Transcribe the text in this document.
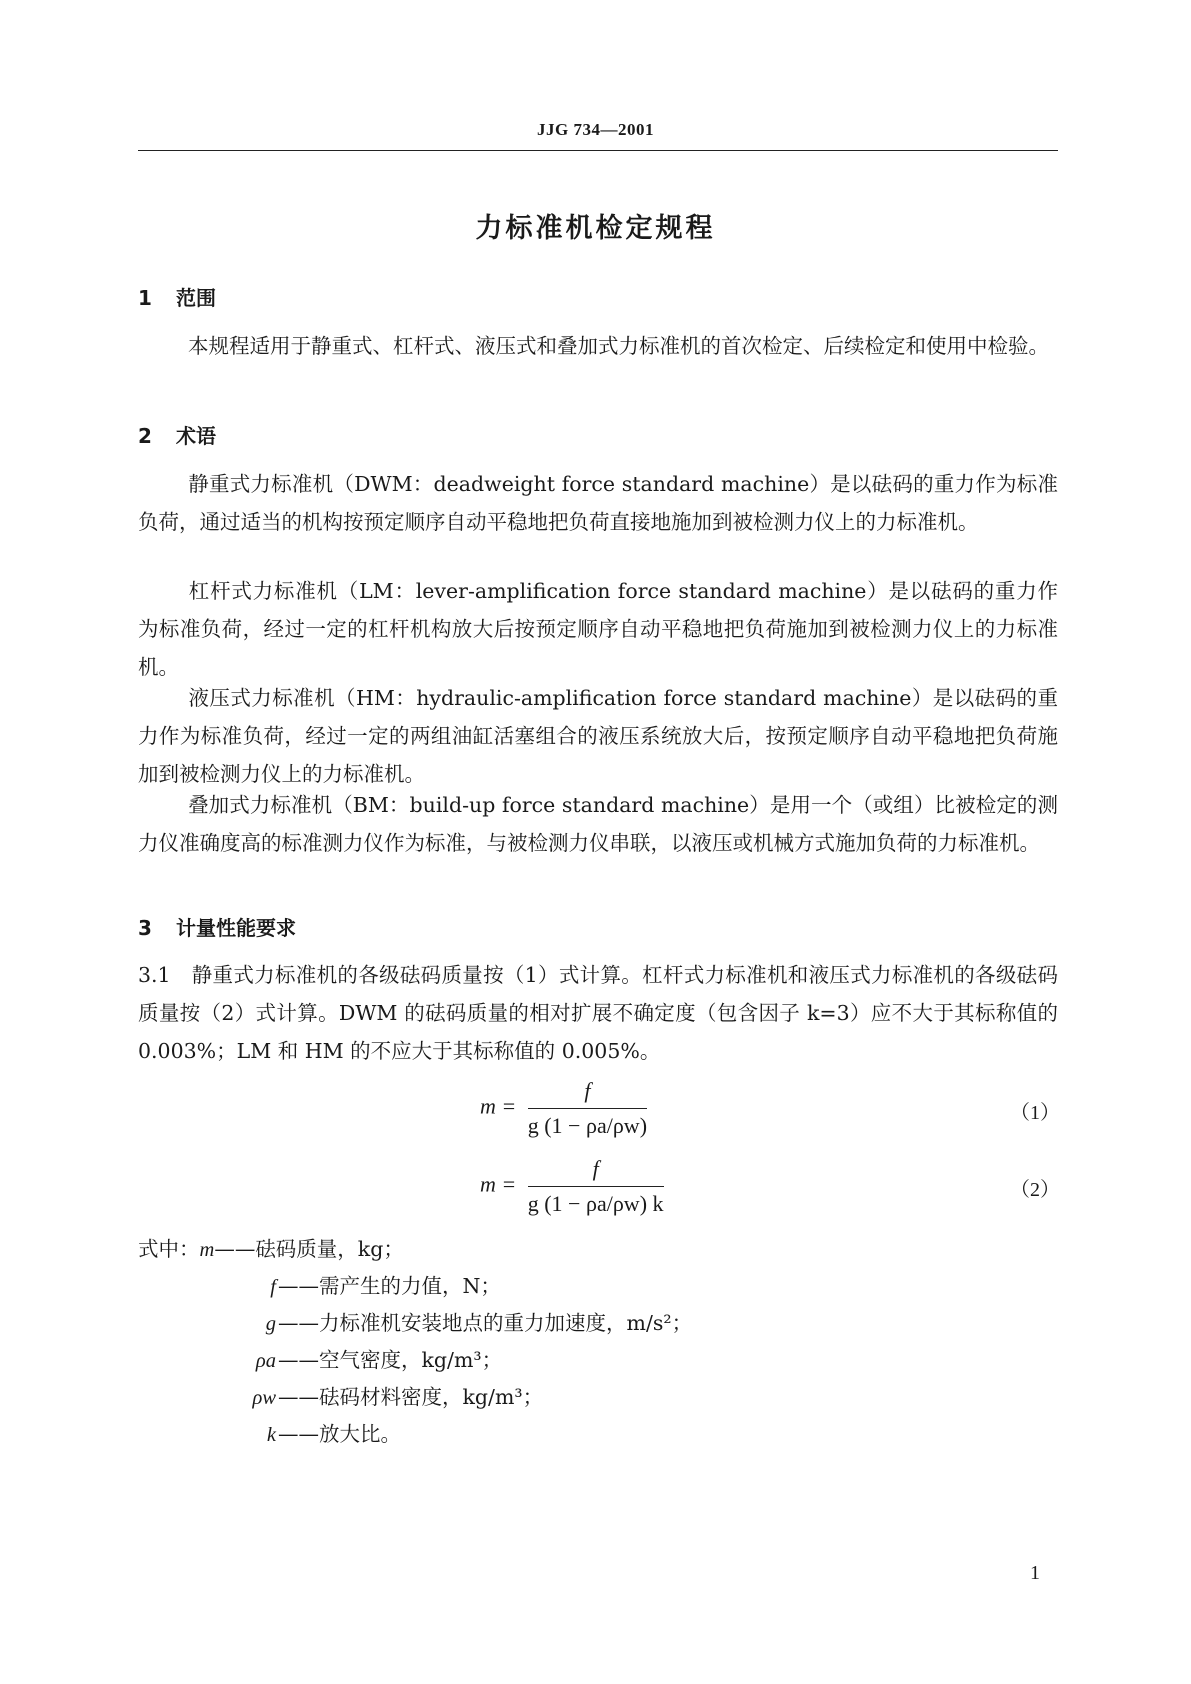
JJG 734—2001
力标准机检定规程
1 范围
本规程适用于静重式、杠杆式、液压式和叠加式力标准机的首次检定、后续检定和使用中检验。
2 术语
静重式力标准机（DWM：deadweight force standard machine）是以砝码的重力作为标准负荷，通过适当的机构按预定顺序自动平稳地把负荷直接地施加到被检测力仪上的力标准机。
杠杆式力标准机（LM：lever-amplification force standard machine）是以砝码的重力作为标准负荷，经过一定的杠杆机构放大后按预定顺序自动平稳地把负荷施加到被检测力仪上的力标准机。
液压式力标准机（HM：hydraulic-amplification force standard machine）是以砝码的重力作为标准负荷，经过一定的两组油缸活塞组合的液压系统放大后，按预定顺序自动平稳地把负荷施加到被检测力仪上的力标准机。
叠加式力标准机（BM：build-up force standard machine）是用一个（或组）比被检定的测力仪准确度高的标准测力仪作为标准，与被检测力仪串联，以液压或机械方式施加负荷的力标准机。
3 计量性能要求
3.1　静重式力标准机的各级砝码质量按（1）式计算。杠杆式力标准机和液压式力标准机的各级砝码质量按（2）式计算。DWM 的砝码质量的相对扩展不确定度（包含因子 k=3）应不大于其标称值的 0.003%；LM 和 HM 的不应大于其标称值的 0.005%。
$m = \frac{f}{g (1 - \rho a/\rho w)}$	（1）
$m = \frac{f}{g (1 - \rho a/\rho w) k}$	（2）
式中：m——砝码质量，kg；
f——需产生的力值，N；
g——力标准机安装地点的重力加速度，m/s²；
ρa——空气密度，kg/m³；
ρw——砝码材料密度，kg/m³；
k——放大比。
1
